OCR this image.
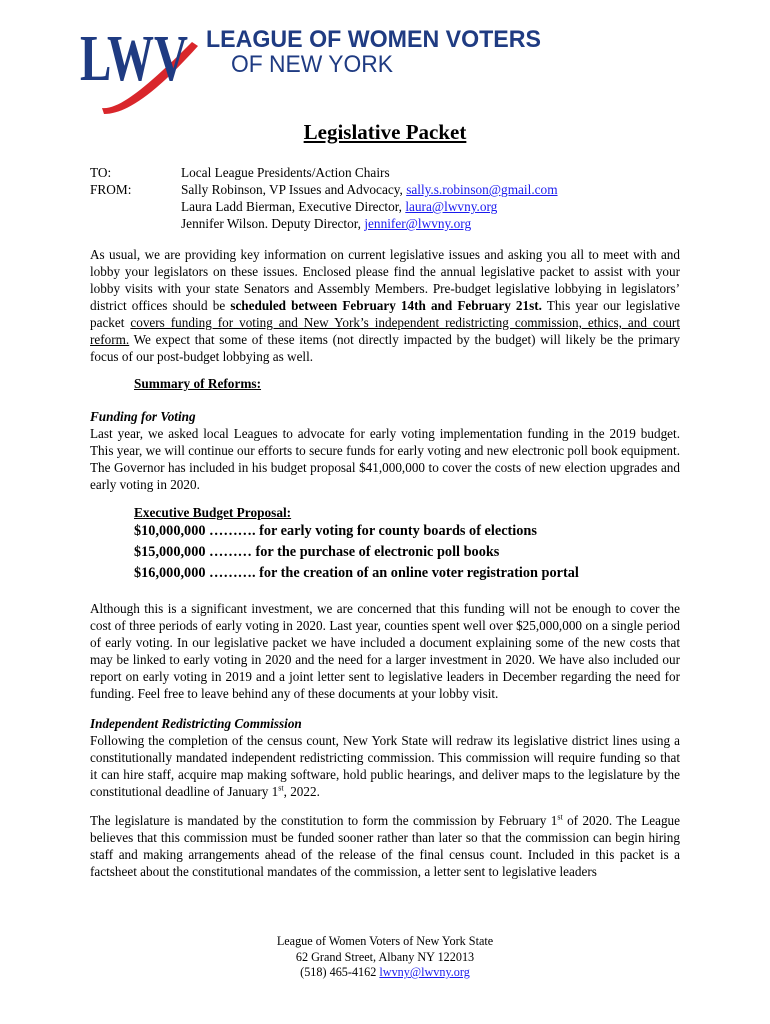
LWV LEAGUE OF WOMEN VOTERS
OF NEW YORK
Legislative Packet
TO:	Local League Presidents/Action Chairs
FROM:	Sally Robinson, VP Issues and Advocacy, sally.s.robinson@gmail.com
Laura Ladd Bierman, Executive Director, laura@lwvny.org
Jennifer Wilson. Deputy Director, jennifer@lwvny.org

As usual, we are providing key information on current legislative issues and asking you all to meet with and lobby your legislators on these issues. Enclosed please find the annual legislative packet to assist with your lobby visits with your state Senators and Assembly Members. Pre-budget legislative lobbying in legislators’ district offices should be scheduled between February 14th and February 21st. This year our legislative packet covers funding for voting and New York’s independent redistricting commission, ethics, and court reform. We expect that some of these items (not directly impacted by the budget) will likely be the primary focus of our post-budget lobbying as well.

Summary of Reforms:

Funding for Voting

Last year, we asked local Leagues to advocate for early voting implementation funding in the 2019 budget. This year, we will continue our efforts to secure funds for early voting and new electronic poll book equipment. The Governor has included in his budget proposal $41,000,000 to cover the costs of new election upgrades and early voting in 2020.

Executive Budget Proposal:
$10,000,000 ………. for early voting for county boards of elections
$15,000,000 ……… for the purchase of electronic poll books
$16,000,000 ………. for the creation of an online voter registration portal

Although this is a significant investment, we are concerned that this funding will not be enough to cover the cost of three periods of early voting in 2020. Last year, counties spent well over $25,000,000 on a single period of early voting. In our legislative packet we have included a document explaining some of the new costs that may be linked to early voting in 2020 and the need for a larger investment in 2020. We have also included our report on early voting in 2019 and a joint letter sent to legislative leaders in December regarding the need for funding. Feel free to leave behind any of these documents at your lobby visit.

Independent Redistricting Commission

Following the completion of the census count, New York State will redraw its legislative district lines using a constitutionally mandated independent redistricting commission. This commission will require funding so that it can hire staff, acquire map making software, hold public hearings, and deliver maps to the legislature by the constitutional deadline of January 1st, 2022.

The legislature is mandated by the constitution to form the commission by February 1st of 2020. The League believes that this commission must be funded sooner rather than later so that the commission can begin hiring staff and making arrangements ahead of the release of the final census count. Included in this packet is a factsheet about the constitutional mandates of the commission, a letter sent to legislative leaders

League of Women Voters of New York State
62 Grand Street, Albany NY 122013
(518) 465-4162 lwvny@lwvny.org
